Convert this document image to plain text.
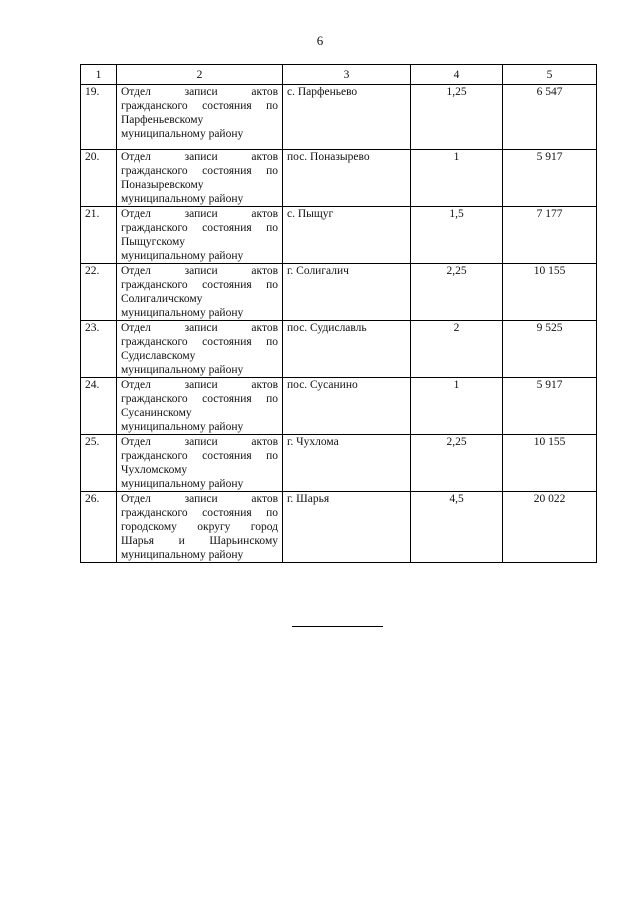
6
1	2	3	4	5
19.	Отдел записи актов
гражданского состояния по
Парфеньевскому
муниципальному району	с. Парфеньево	1,25	6 547
20.	Отдел записи актов
гражданского состояния по
Поназыревскому
муниципальному району	пос. Поназырево	1	5 917
21.	Отдел записи актов
гражданского состояния по
Пыщугскому
муниципальному району	с. Пыщуг	1,5	7 177
22.	Отдел записи актов
гражданского состояния по
Солигаличскому
муниципальному району	г. Солигалич	2,25	10 155
23.	Отдел записи актов
гражданского состояния по
Судиславскому
муниципальному району	пос. Судиславль	2	9 525
24.	Отдел записи актов
гражданского состояния по
Сусанинскому
муниципальному району	пос. Сусанино	1	5 917
25.	Отдел записи актов
гражданского состояния по
Чухломскому
муниципальному району	г. Чухлома	2,25	10 155
26.	Отдел записи актов
гражданского состояния по
городскому округу город
Шарья и Шарьинскому
муниципальному району	г. Шарья	4,5	20 022
